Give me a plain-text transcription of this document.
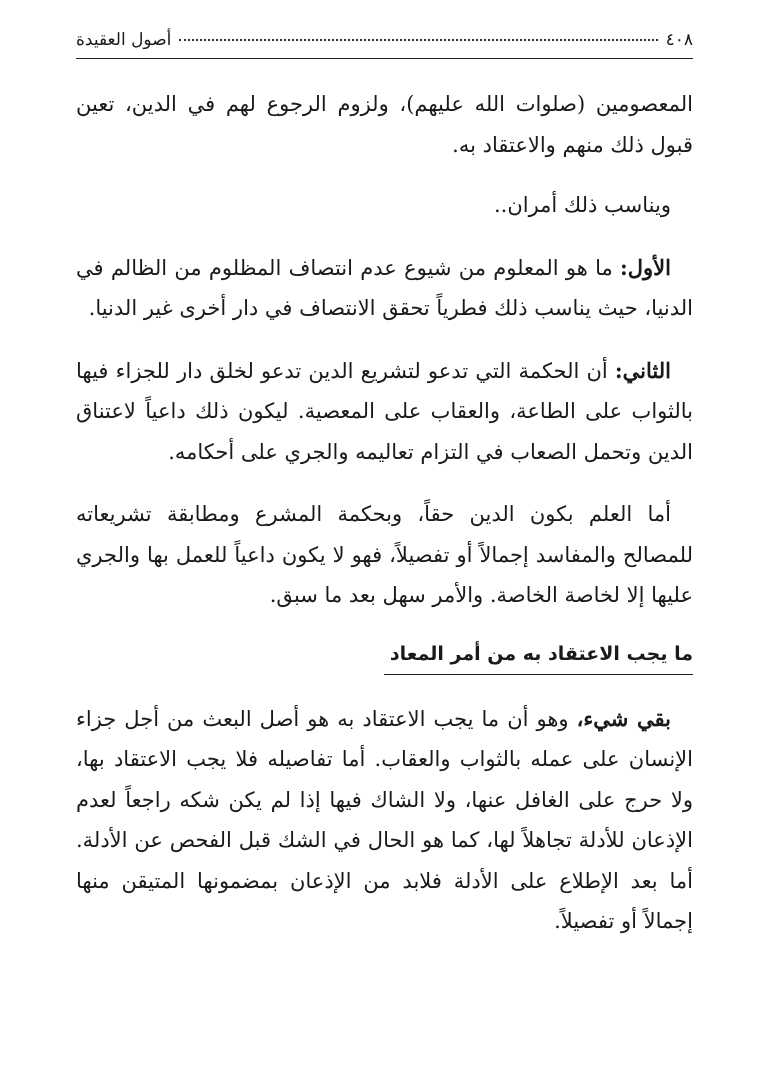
٤٠٨
أصول العقيدة

المعصومين (صلوات الله عليهم)، ولزوم الرجوع لهم في الدين، تعين قبول ذلك منهم والاعتقاد به.

ويناسب ذلك أمران..

الأول: ما هو المعلوم من شيوع عدم انتصاف المظلوم من الظالم في الدنيا، حيث يناسب ذلك فطرياً تحقق الانتصاف في دار أخرى غير الدنيا.

الثاني: أن الحكمة التي تدعو لتشريع الدين تدعو لخلق دار للجزاء فيها بالثواب على الطاعة، والعقاب على المعصية. ليكون ذلك داعياً لاعتناق الدين وتحمل الصعاب في التزام تعاليمه والجري على أحكامه.

أما العلم بكون الدين حقاً، وبحكمة المشرع ومطابقة تشريعاته للمصالح والمفاسد إجمالاً أو تفصيلاً، فهو لا يكون داعياً للعمل بها والجري عليها إلا لخاصة الخاصة. والأمر سهل بعد ما سبق.

ما يجب الاعتقاد به من أمر المعاد

بقي شيء، وهو أن ما يجب الاعتقاد به هو أصل البعث من أجل جزاء الإنسان على عمله بالثواب والعقاب. أما تفاصيله فلا يجب الاعتقاد بها، ولا حرج على الغافل عنها، ولا الشاك فيها إذا لم يكن شكه راجعاً لعدم الإذعان للأدلة تجاهلاً لها، كما هو الحال في الشك قبل الفحص عن الأدلة. أما بعد الإطلاع على الأدلة فلابد من الإذعان بمضمونها المتيقن منها إجمالاً أو تفصيلاً.
